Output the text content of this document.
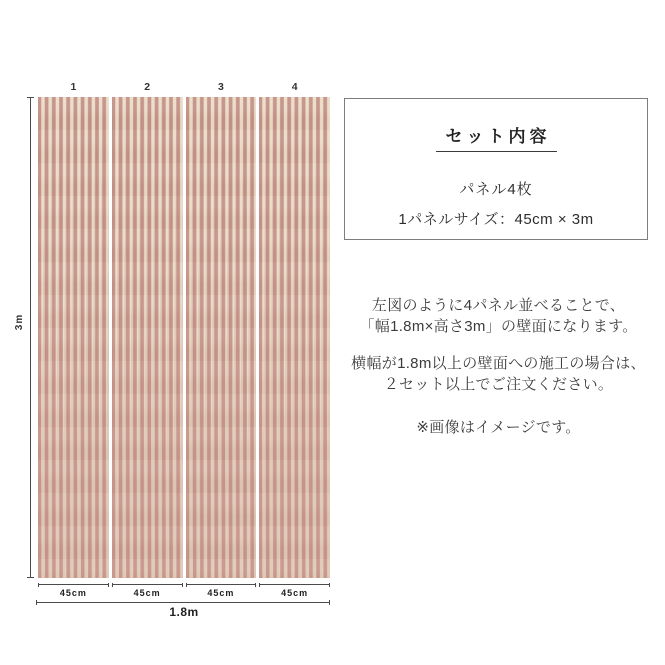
1	2	3	4
3m
45cm	45cm	45cm	45cm
1.8m
セット内容
パネル4枚
1パネルサイズ：45cm × 3m

左図のように4パネル並べることで、
「幅1.8m×高さ3m」の壁面になります。

横幅が1.8m以上の壁面への施工の場合は、
２セット以上でご注文ください。

※画像はイメージです。
